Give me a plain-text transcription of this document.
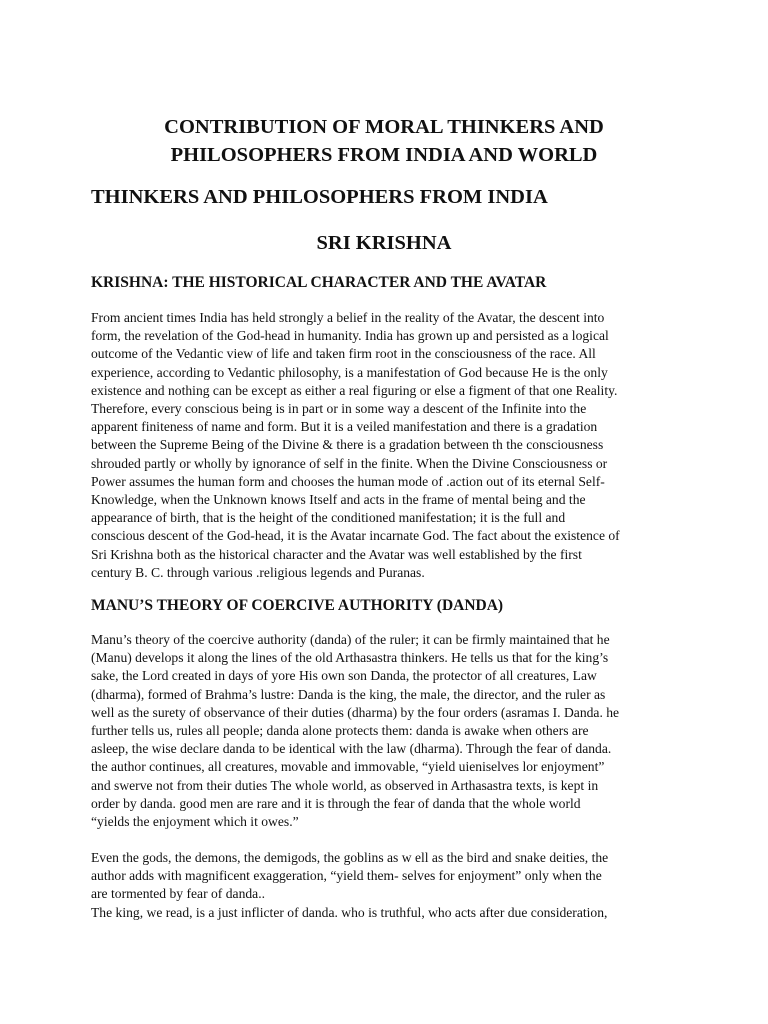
CONTRIBUTION OF MORAL THINKERS AND
PHILOSOPHERS FROM INDIA AND WORLD
THINKERS AND PHILOSOPHERS FROM INDIA
SRI KRISHNA
KRISHNA: THE HISTORICAL CHARACTER AND THE AVATAR

From ancient times India has held strongly a belief in the reality of the Avatar, the descent into
form, the revelation of the God-head in humanity. India has grown up and persisted as a logical
outcome of the Vedantic view of life and taken firm root in the consciousness of the race. All
experience, according to Vedantic philosophy, is a manifestation of God because He is the only
existence and nothing can be except as either a real figuring or else a figment of that one Reality.
Therefore, every conscious being is in part or in some way a descent of the Infinite into the
apparent finiteness of name and form. But it is a veiled manifestation and there is a gradation
between the Supreme Being of the Divine & there is a gradation between th the consciousness
shrouded partly or wholly by ignorance of self in the finite. When the Divine Consciousness or
Power assumes the human form and chooses the human mode of .action out of its eternal Self-
Knowledge, when the Unknown knows Itself and acts in the frame of mental being and the
appearance of birth, that is the height of the conditioned manifestation; it is the full and
conscious descent of the God-head, it is the Avatar incarnate God. The fact about the existence of
Sri Krishna both as the historical character and the Avatar was well established by the first
century B. C. through various .religious legends and Puranas.

MANU’S THEORY OF COERCIVE AUTHORITY (DANDA)

Manu’s theory of the coercive authority (danda) of the ruler; it can be firmly maintained that he
(Manu) develops it along the lines of the old Arthasastra thinkers. He tells us that for the king’s
sake, the Lord created in days of yore His own son Danda, the protector of all creatures, Law
(dharma), formed of Brahma’s lustre: Danda is the king, the male, the director, and the ruler as
well as the surety of observance of their duties (dharma) by the four orders (asramas I. Danda. he
further tells us, rules all people; danda alone protects them: danda is awake when others are
asleep, the wise declare danda to be identical with the law (dharma). Through the fear of danda.
the author continues, all creatures, movable and immovable, “yield uieniselves lor enjoyment”
and swerve not from their duties The whole world, as observed in Arthasastra texts, is kept in
order by danda. good men are rare and it is through the fear of danda that the whole world
“yields the enjoyment which it owes.”

Even the gods, the demons, the demigods, the goblins as w ell as the bird and snake deities, the
author adds with magnificent exaggeration, “yield them- selves for enjoyment” only when the
are tormented by fear of danda..
The king, we read, is a just inflicter of danda. who is truthful, who acts after due consideration,
